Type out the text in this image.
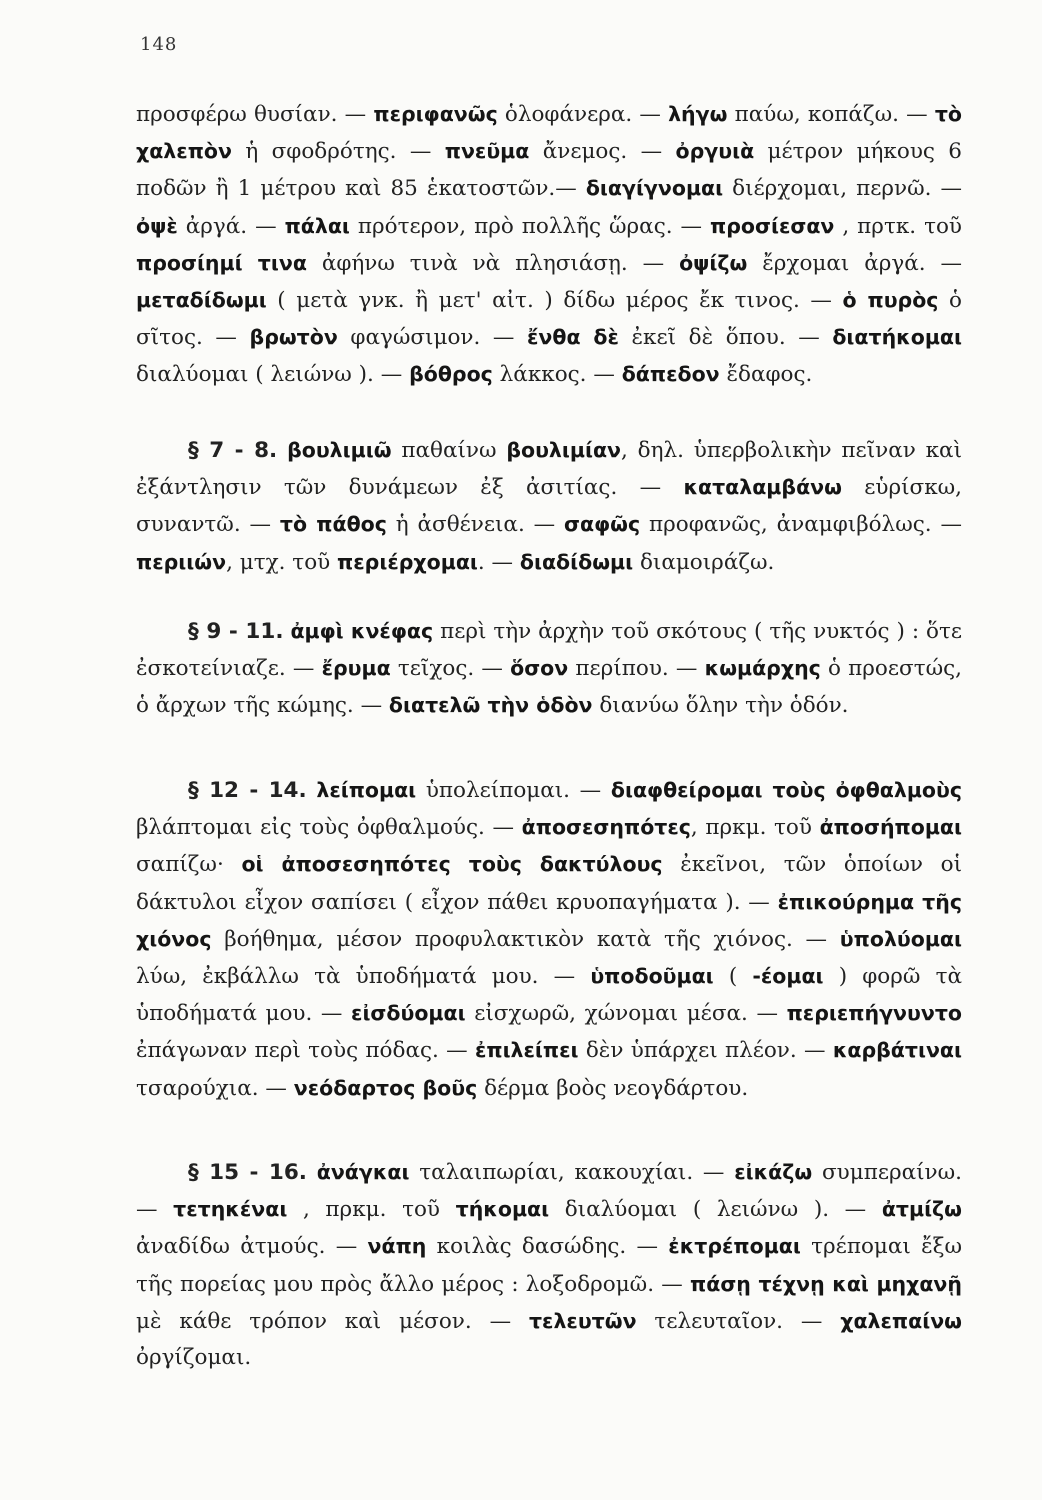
148
προσφέρω θυσίαν. — περιφανῶς ὁλοφάνερα. — λήγω παύω, κοπάζω. — τὸ χαλεπὸν ἡ σφοδρότης. — πνεῦμα ἄνεμος. — ὀργυιὰ μέτρον μήκους 6 ποδῶν ἢ 1 μέτρου καὶ 85 ἑκατοστῶν.— διαγίγνομαι διέρχομαι, περνῶ. — ὀψὲ ἀργά. — πάλαι πρότερον, πρὸ πολλῆς ὥρας. — προσίεσαν , πρτκ. τοῦ προσίημί τινα ἀφήνω τινὰ νὰ πλησιάσῃ. — ὀψίζω ἔρχομαι ἀργά. — μεταδίδωμι ( μετὰ γνκ. ἢ μετ' αἰτ. ) δίδω μέρος ἔκ τινος. — ὁ πυρὸς ὁ σῖτος. — βρωτὸν φαγώσιμον. — ἔνθα δὲ ἐκεῖ δὲ ὅπου. — διατήκομαι διαλύομαι ( λειώνω ). — βόθρος λάκκος. — δάπεδον ἔδαφος.
§ 7 - 8. βουλιμιῶ παθαίνω βουλιμίαν, δηλ. ὑπερβολικὴν πεῖναν καὶ ἐξάντλησιν τῶν δυνάμεων ἐξ ἀσιτίας. — καταλαμβάνω εὑρίσκω, συναντῶ. — τὸ πάθος ἡ ἀσθένεια. — σαφῶς προφανῶς, ἀναμφιβόλως. — περιιών, μτχ. τοῦ περιέρχομαι. — διαδίδωμι διαμοιράζω.
§ 9 - 11. ἀμφὶ κνέφας περὶ τὴν ἀρχὴν τοῦ σκότους ( τῆς νυκτός ) : ὅτε ἐσκοτείνιαζε. — ἔρυμα τεῖχος. — ὅσον περίπου. — κωμάρχης ὁ προεστώς, ὁ ἄρχων τῆς κώμης. — διατελῶ τὴν ὁδὸν διανύω ὅλην τὴν ὁδόν.
§ 12 - 14. λείπομαι ὑπολείπομαι. — διαφθείρομαι τοὺς ὀφθαλμοὺς βλάπτομαι εἰς τοὺς ὀφθαλμούς. — ἀποσεσηπότες, πρκμ. τοῦ ἀποσήπομαι σαπίζω· οἱ ἀποσεσηπότες τοὺς δακτύλους ἐκεῖνοι, τῶν ὁποίων οἱ δάκτυλοι εἶχον σαπίσει ( εἶχον πάθει κρυοπαγήματα ). — ἐπικούρημα τῆς χιόνος βοήθημα, μέσον προφυλακτικὸν κατὰ τῆς χιόνος. — ὑπολύομαι λύω, ἐκβάλλω τὰ ὑποδήματά μου. — ὑποδοῦμαι ( -έομαι ) φορῶ τὰ ὑποδήματά μου. — εἰσδύομαι εἰσχωρῶ, χώνομαι μέσα. — περιεπήγνυντο ἐπάγωναν περὶ τοὺς πόδας. — ἐπιλείπει δὲν ὑπάρχει πλέον. — καρβάτιναι τσαρούχια. — νεόδαρτος βοῦς δέρμα βοὸς νεογδάρτου.
§ 15 - 16. ἀνάγκαι ταλαιπωρίαι, κακουχίαι. — εἰκάζω συμπεραίνω. — τετηκέναι , πρκμ. τοῦ τήκομαι διαλύομαι ( λειώνω ). — ἀτμίζω ἀναδίδω ἀτμούς. — νάπη κοιλὰς δασώδης. — ἐκτρέπομαι τρέπομαι ἔξω τῆς πορείας μου πρὸς ἄλλο μέρος : λοξοδρομῶ. — πάσῃ τέχνῃ καὶ μηχανῇ μὲ κάθε τρόπον καὶ μέσον. — τελευτῶν τελευταῖον. — χαλεπαίνω ὀργίζομαι.
